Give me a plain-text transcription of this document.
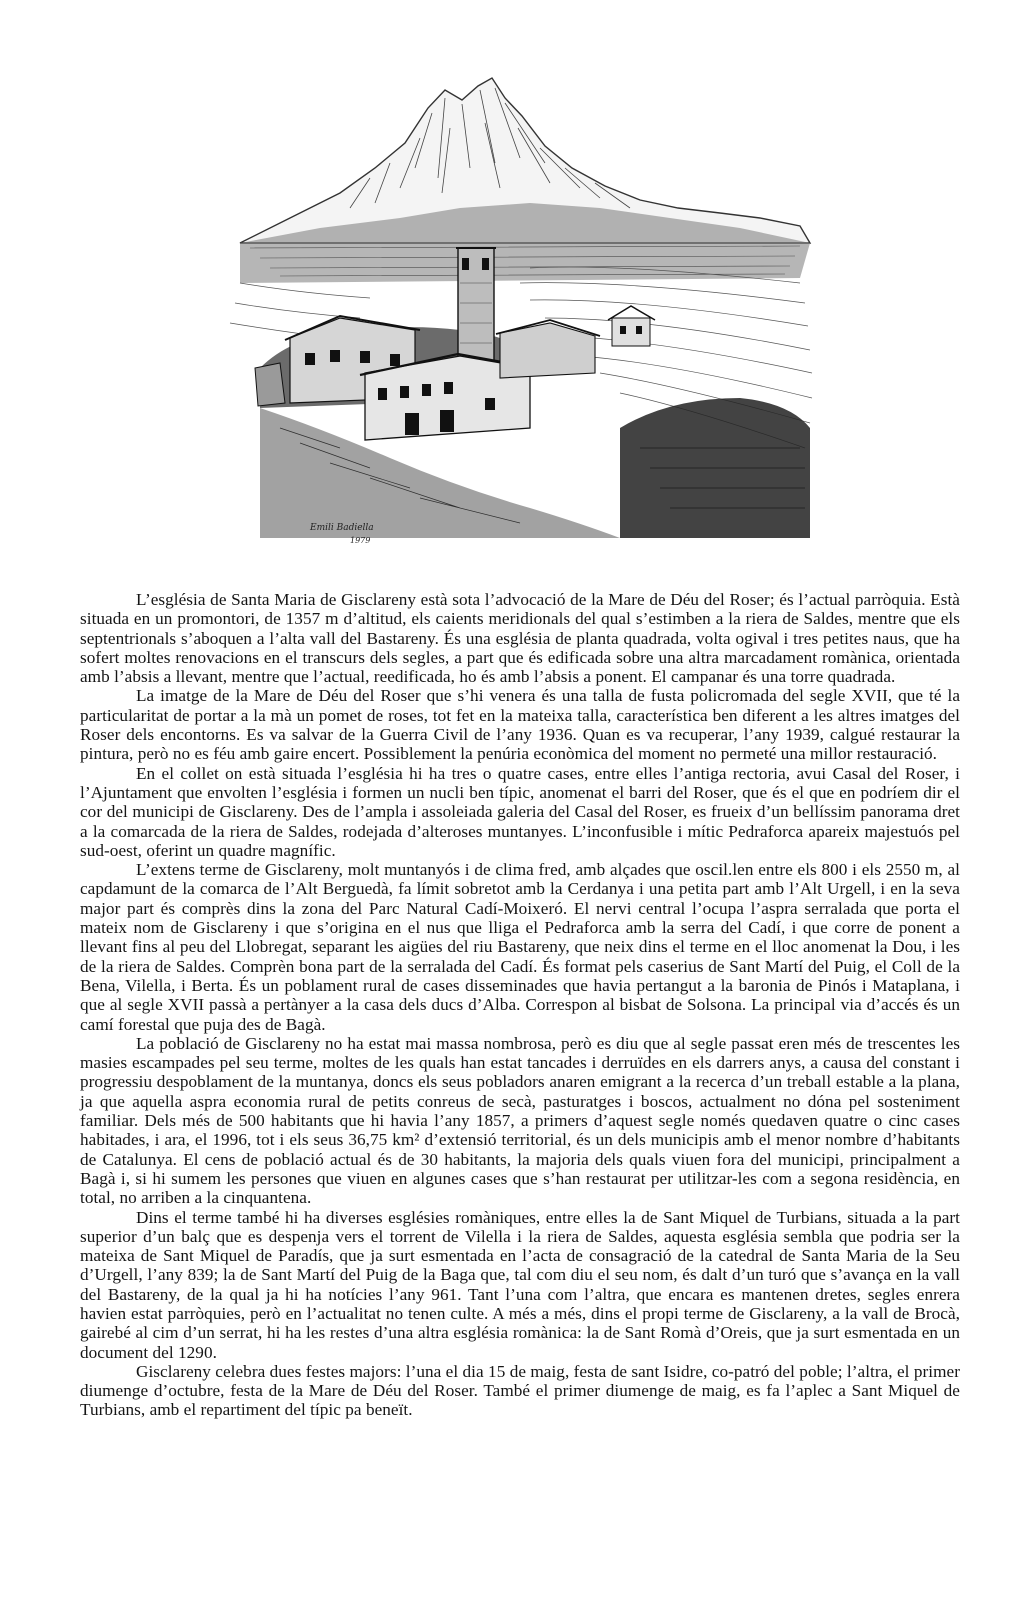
Emili Badiella
1979

L’església de Santa Maria de Gisclareny està sota l’advocació de la Mare de Déu del Roser; és l’actual parròquia. Està situada en un promontori, de 1357 m d’altitud, els caients meridionals del qual s’estimben a la riera de Saldes, mentre que els septentrionals s’aboquen a l’alta vall del Bastareny. És una església de planta quadrada, volta ogival i tres petites naus, que ha sofert moltes renovacions en el transcurs dels segles, a part que és edificada sobre una altra marcadament romànica, orientada amb l’absis a llevant, mentre que l’actual, reedificada, ho és amb l’absis a ponent. El campanar és una torre quadrada.

La imatge de la Mare de Déu del Roser que s’hi venera és una talla de fusta policromada del segle XVII, que té la particularitat de portar a la mà un pomet de roses, tot fet en la mateixa talla, característica ben diferent a les altres imatges del Roser dels encontorns. Es va salvar de la Guerra Civil de l’any 1936. Quan es va recuperar, l’any 1939, calgué restaurar la pintura, però no es féu amb gaire encert. Possiblement la penúria econòmica del moment no permeté una millor restauració.

En el collet on està situada l’església hi ha tres o quatre cases, entre elles l’antiga rectoria, avui Casal del Roser, i l’Ajuntament que envolten l’església i formen un nucli ben típic, anomenat el barri del Roser, que és el que en podríem dir el cor del municipi de Gisclareny. Des de l’ampla i assoleiada galeria del Casal del Roser, es frueix d’un bellíssim panorama dret a la comarcada de la riera de Saldes, rodejada d’alteroses muntanyes. L’inconfusible i mític Pedraforca apareix majestuós pel sud-oest, oferint un quadre magnífic.

L’extens terme de Gisclareny, molt muntanyós i de clima fred, amb alçades que oscil.len entre els 800 i els 2550 m, al capdamunt de la comarca de l’Alt Berguedà, fa límit sobretot amb la Cerdanya i una petita part amb l’Alt Urgell, i en la seva major part és comprès dins la zona del Parc Natural Cadí-Moixeró. El nervi central l’ocupa l’aspra serralada que porta el mateix nom de Gisclareny i que s’origina en el nus que lliga el Pedraforca amb la serra del Cadí, i que corre de ponent a llevant fins al peu del Llobregat, separant les aigües del riu Bastareny, que neix dins el terme en el lloc anomenat la Dou, i les de la riera de Saldes. Comprèn bona part de la serralada del Cadí. És format pels caserius de Sant Martí del Puig, el Coll de la Bena, Vilella, i Berta. És un poblament rural de cases disseminades que havia pertangut a la baronia de Pinós i Mataplana, i que al segle XVII passà a pertànyer a la casa dels ducs d’Alba. Correspon al bisbat de Solsona. La principal via d’accés és un camí forestal que puja des de Bagà.

La població de Gisclareny no ha estat mai massa nombrosa, però es diu que al segle passat eren més de trescentes les masies escampades pel seu terme, moltes de les quals han estat tancades i derruïdes en els darrers anys, a causa del constant i progressiu despoblament de la muntanya, doncs els seus pobladors anaren emigrant a la recerca d’un treball estable a la plana, ja que aquella aspra economia rural de petits conreus de secà, pasturatges i boscos, actualment no dóna pel sosteniment familiar. Dels més de 500 habitants que hi havia l’any 1857, a primers d’aquest segle només quedaven quatre o cinc cases habitades, i ara, el 1996, tot i els seus 36,75 km² d’extensió territorial, és un dels municipis amb el menor nombre d’habitants de Catalunya. El cens de població actual és de 30 habitants, la majoria dels quals viuen fora del municipi, principalment a Bagà i, si hi sumem les persones que viuen en algunes cases que s’han restaurat per utilitzar-les com a segona residència, en total, no arriben a la cinquantena.

Dins el terme també hi ha diverses esglésies romàniques, entre elles la de Sant Miquel de Turbians, situada a la part superior d’un balç que es despenja vers el torrent de Vilella i la riera de Saldes, aquesta església sembla que podria ser la mateixa de Sant Miquel de Paradís, que ja surt esmentada en l’acta de consagració de la catedral de Santa Maria de la Seu d’Urgell, l’any 839; la de Sant Martí del Puig de la Baga que, tal com diu el seu nom, és dalt d’un turó que s’avança en la vall del Bastareny, de la qual ja hi ha notícies l’any 961. Tant l’una com l’altra, que encara es mantenen dretes, segles enrera havien estat parròquies, però en l’actualitat no tenen culte. A més a més, dins el propi terme de Gisclareny, a la vall de Brocà, gairebé al cim d’un serrat, hi ha les restes d’una altra església romànica: la de Sant Romà d’Oreis, que ja surt esmentada en un document del 1290.

Gisclareny celebra dues festes majors: l’una el dia 15 de maig, festa de sant Isidre, co-patró del poble; l’altra, el primer diumenge d’octubre, festa de la Mare de Déu del Roser. També el primer diumenge de maig, es fa l’aplec a Sant Miquel de Turbians, amb el repartiment del típic pa beneït.
